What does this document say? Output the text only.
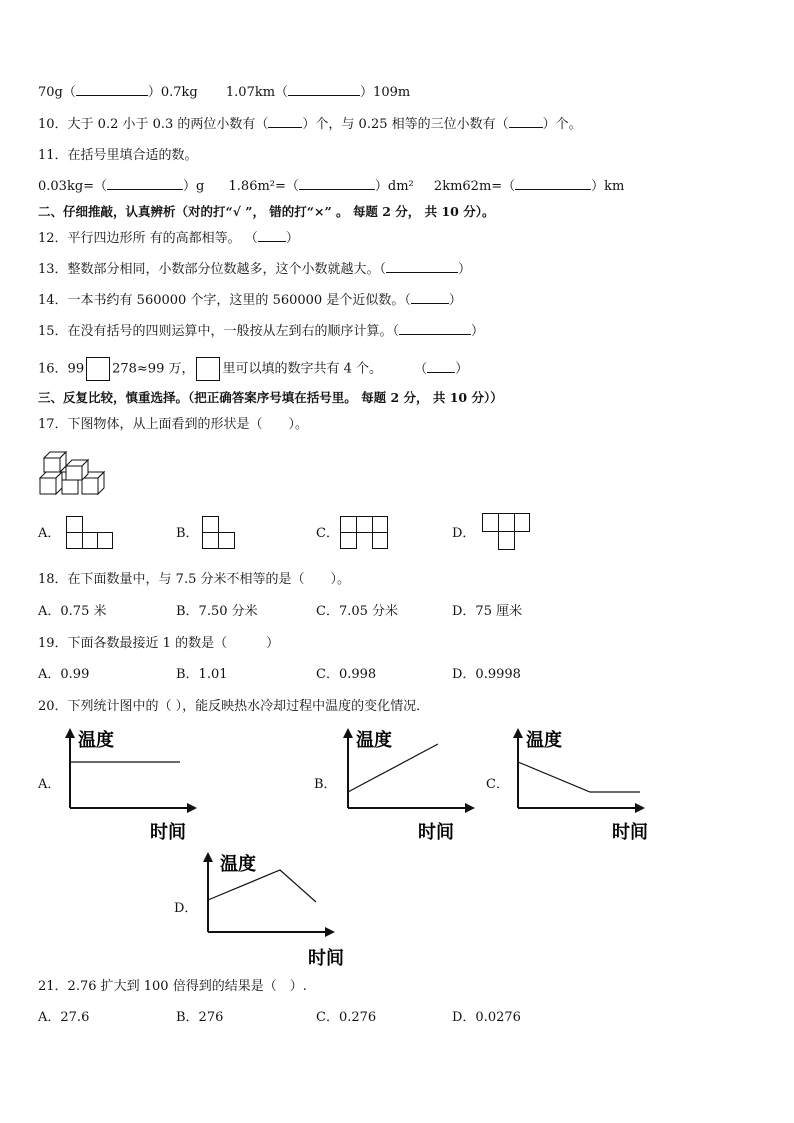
70g（	）0.7kg 1.07km（	）109m
10．大于 0.2 小于 0.3 的两位小数有（	）个，与 0.25 相等的三位小数有（	）个。
11．在括号里填合适的数。
0.03kg=（	）g 1.86m²=（	）dm² 2km62m=（	）km
二、仔细推敲，认真辨析（对的打“√ ”， 错的打“×” 。 每题 2 分， 共 10 分）。
12．平行四边形所 有的高都相等。 （ ）
13．整数部分相同，小数部分位数越多，这个小数就越大。（	）
14．一本书约有 560000 个字，这里的 560000 是个近似数。（	）
15．在没有括号的四则运算中，一般按从左到右的顺序计算。（	）
16．99 278≈99 万， 里可以填的数字共有 4 个。 （ ）
三、反复比较，慎重选择。（把正确答案序号填在括号里。 每题 2 分， 共 10 分））
17．下图物体，从上面看到的形状是（　　）。
A．	B．	C．	D．
18．在下面数量中，与 7.5 分米不相等的是（　　）。
A．0.75 米	B．7.50 分米	C．7.05 分米	D．75 厘米
19．下面各数最接近 1 的数是（　　　）
A．0.99	B．1.01	C．0.998	D．0.9998
20．下列统计图中的（ ），能反映热水冷却过程中温度的变化情况．
A．
温度
时间
B．
温度
时间
C．
温度
时间
D．
温度
时间
21．2.76 扩大到 100 倍得到的结果是（　）.
A．27.6	B．276	C．0.276	D．0.0276
